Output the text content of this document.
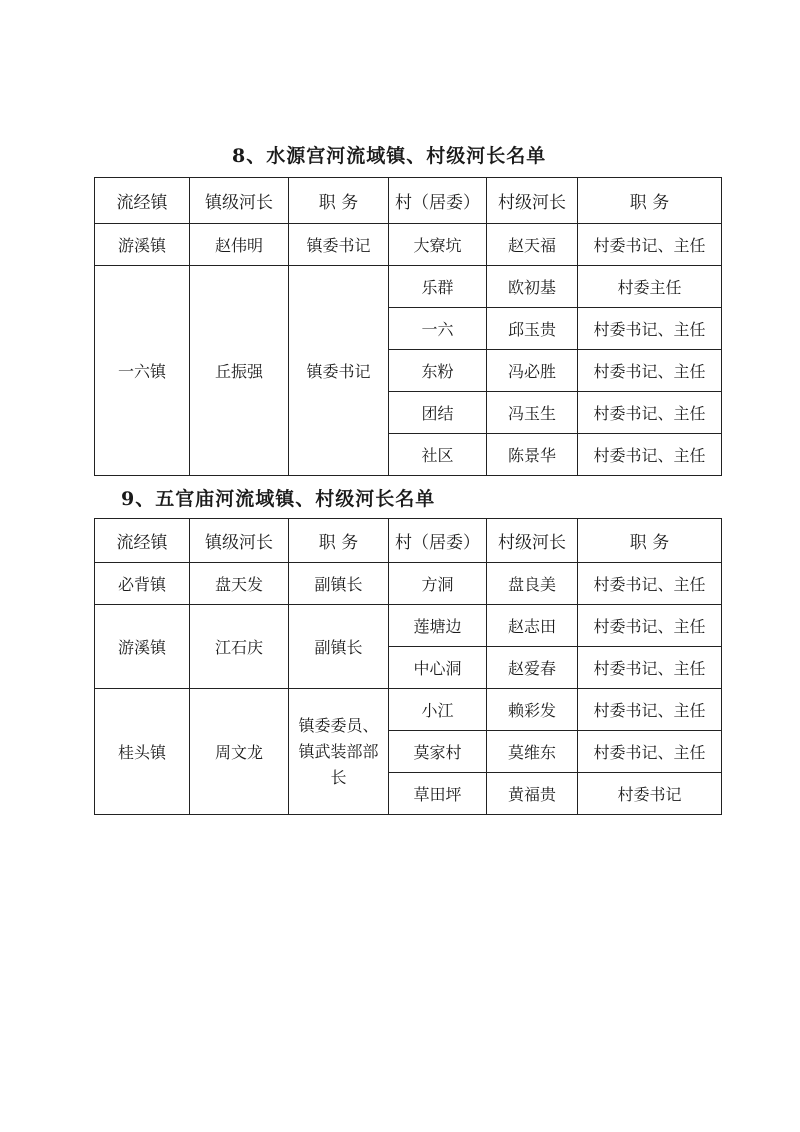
8、水源宫河流域镇、村级河长名单
流经镇	镇级河长	职 务	村（居委）	村级河长	职 务
游溪镇	赵伟明	镇委书记	大寮坑	赵天福	村委书记、主任
一六镇	丘振强	镇委书记	乐群	欧初基	村委主任
			一六	邱玉贵	村委书记、主任
			东粉	冯必胜	村委书记、主任
			团结	冯玉生	村委书记、主任
			社区	陈景华	村委书记、主任
9、五官庙河流域镇、村级河长名单
流经镇	镇级河长	职 务	村（居委）	村级河长	职 务
必背镇	盘天发	副镇长	方洞	盘良美	村委书记、主任
游溪镇	江石庆	副镇长	莲塘边	赵志田	村委书记、主任
			中心洞	赵爱春	村委书记、主任
桂头镇	周文龙	镇委委员、镇武装部部长	小江	赖彩发	村委书记、主任
			莫家村	莫维东	村委书记、主任
			草田坪	黄福贵	村委书记
